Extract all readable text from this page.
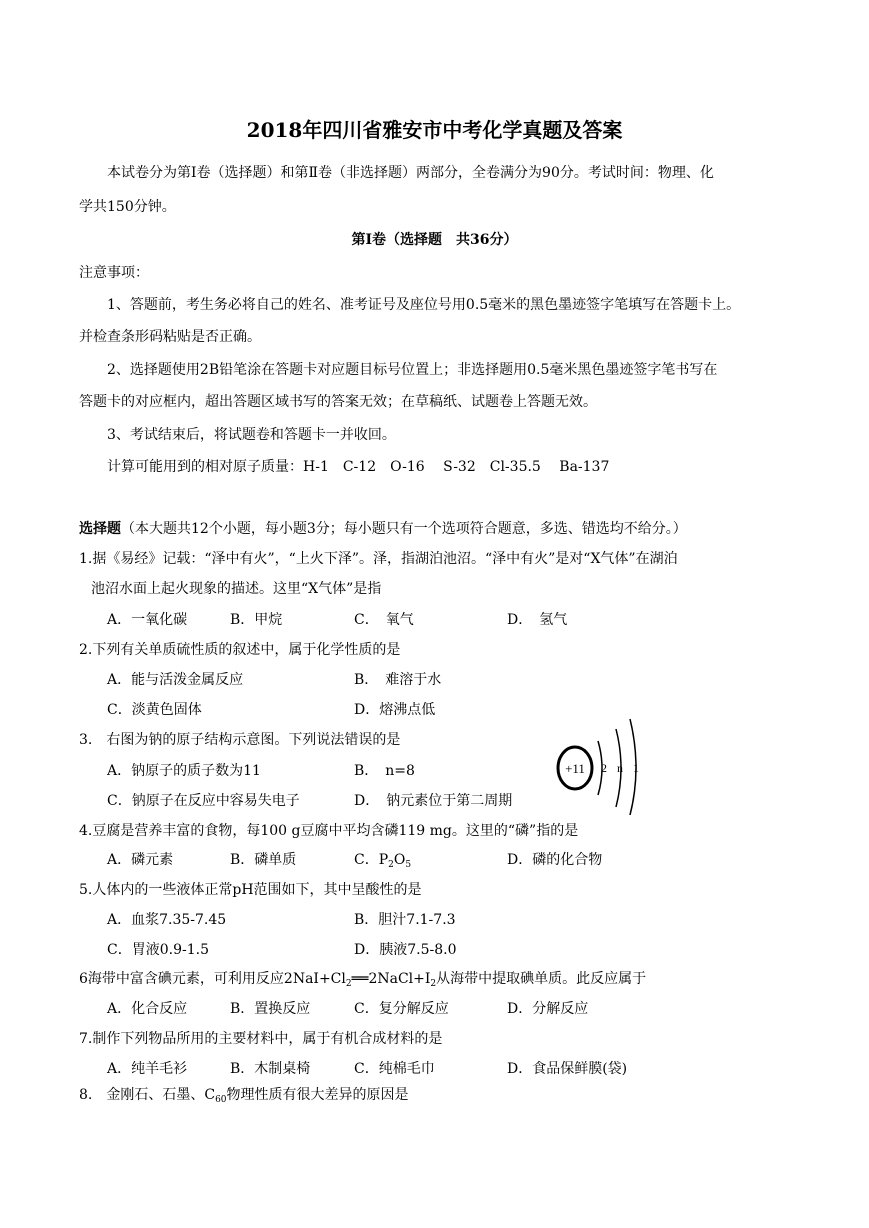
2018年四川省雅安市中考化学真题及答案
本试卷分为第Ⅰ卷（选择题）和第Ⅱ卷（非选择题）两部分，全卷满分为90分。考试时间：物理、化
学共150分钟。
第Ⅰ卷（选择题　共36分）
注意事项：
1、答题前，考生务必将自己的姓名、准考证号及座位号用0.5毫米的黑色墨迹签字笔填写在答题卡上。
并检查条形码粘贴是否正确。
2、选择题使用2B铅笔涂在答题卡对应题目标号位置上；非选择题用0.5毫米黑色墨迹签字笔书写在
答题卡的对应框内，超出答题区域书写的答案无效；在草稿纸、试题卷上答题无效。
3、考试结束后，将试题卷和答题卡一并收回。
计算可能用到的相对原子质量：H-1　C-12　O-16　 S-32　Cl-35.5　 Ba-137
选择题（本大题共12个小题，每小题3分；每小题只有一个选项符合题意，多选、错选均不给分。）
1.据《易经》记载：“泽中有火”，“上火下泽”。泽，指湖泊池沼。“泽中有火”是对“X气体”在湖泊
池沼水面上起火现象的描述。这里“X气体”是指
A．一氧化碳	B．甲烷	C．　氧气	D．　氢气
2.下列有关单质硫性质的叙述中，属于化学性质的是
A．能与活泼金属反应	B．　难溶于水
C．淡黄色固体	D．熔沸点低
3.　右图为钠的原子结构示意图。下列说法错误的是
A．钠原子的质子数为11	B．　n=8
C．钠原子在反应中容易失电子	D．　钠元素位于第二周期
+11 2 n 1
4.豆腐是营养丰富的食物，每100 g豆腐中平均含磷119 mg。这里的“磷”指的是
A．磷元素	B．磷单质	C．$P_2O_5$	D．磷的化合物
5.人体内的一些液体正常pH范围如下，其中呈酸性的是
A．血浆7.35-7.45	B．胆汁7.1-7.3
C．胃液0.9-1.5	D．胰液7.5-8.0
6海带中富含碘元素，可利用反应$2NaI+Cl_2══2NaCl+I_2$从海带中提取碘单质。此反应属于
A．化合反应	B．置换反应	C．复分解反应	D．分解反应
7.制作下列物品所用的主要材料中，属于有机合成材料的是
A．纯羊毛衫	B．木制桌椅	C．纯棉毛巾	D．食品保鲜膜(袋)
8.　金刚石、石墨、$C_{60}$物理性质有很大差异的原因是
